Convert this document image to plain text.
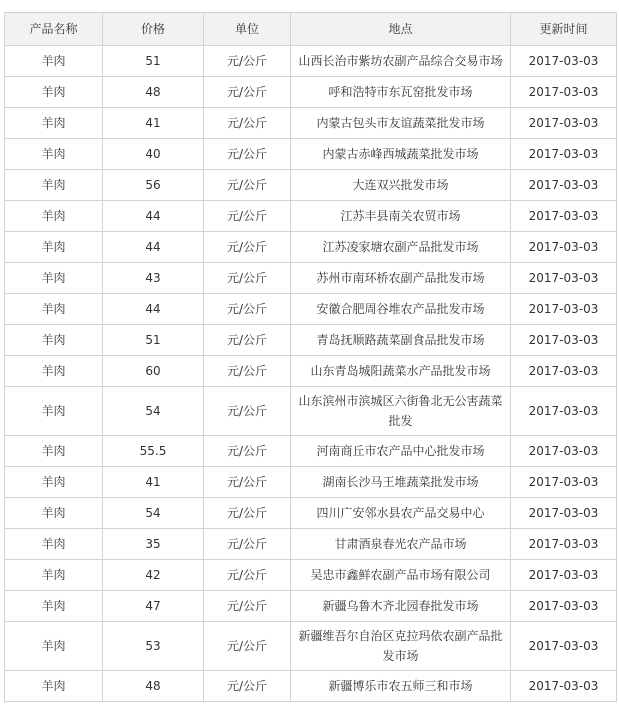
产品名称	价格	单位	地点	更新时间
羊肉	51	元/公斤	山西长治市紫坊农副产品综合交易市场	2017-03-03
羊肉	48	元/公斤	呼和浩特市东瓦窑批发市场	2017-03-03
羊肉	41	元/公斤	内蒙古包头市友谊蔬菜批发市场	2017-03-03
羊肉	40	元/公斤	内蒙古赤峰西城蔬菜批发市场	2017-03-03
羊肉	56	元/公斤	大连双兴批发市场	2017-03-03
羊肉	44	元/公斤	江苏丰县南关农贸市场	2017-03-03
羊肉	44	元/公斤	江苏凌家塘农副产品批发市场	2017-03-03
羊肉	43	元/公斤	苏州市南环桥农副产品批发市场	2017-03-03
羊肉	44	元/公斤	安徽合肥周谷堆农产品批发市场	2017-03-03
羊肉	51	元/公斤	青岛抚顺路蔬菜副食品批发市场	2017-03-03
羊肉	60	元/公斤	山东青岛城阳蔬菜水产品批发市场	2017-03-03
羊肉	54	元/公斤	山东滨州市滨城区六街鲁北无公害蔬菜批发	2017-03-03
羊肉	55.5	元/公斤	河南商丘市农产品中心批发市场	2017-03-03
羊肉	41	元/公斤	湖南长沙马王堆蔬菜批发市场	2017-03-03
羊肉	54	元/公斤	四川广安邻水县农产品交易中心	2017-03-03
羊肉	35	元/公斤	甘肃酒泉春光农产品市场	2017-03-03
羊肉	42	元/公斤	吴忠市鑫鲜农副产品市场有限公司	2017-03-03
羊肉	47	元/公斤	新疆乌鲁木齐北园春批发市场	2017-03-03
羊肉	53	元/公斤	新疆维吾尔自治区克拉玛依农副产品批发市场	2017-03-03
羊肉	48	元/公斤	新疆博乐市农五师三和市场	2017-03-03
